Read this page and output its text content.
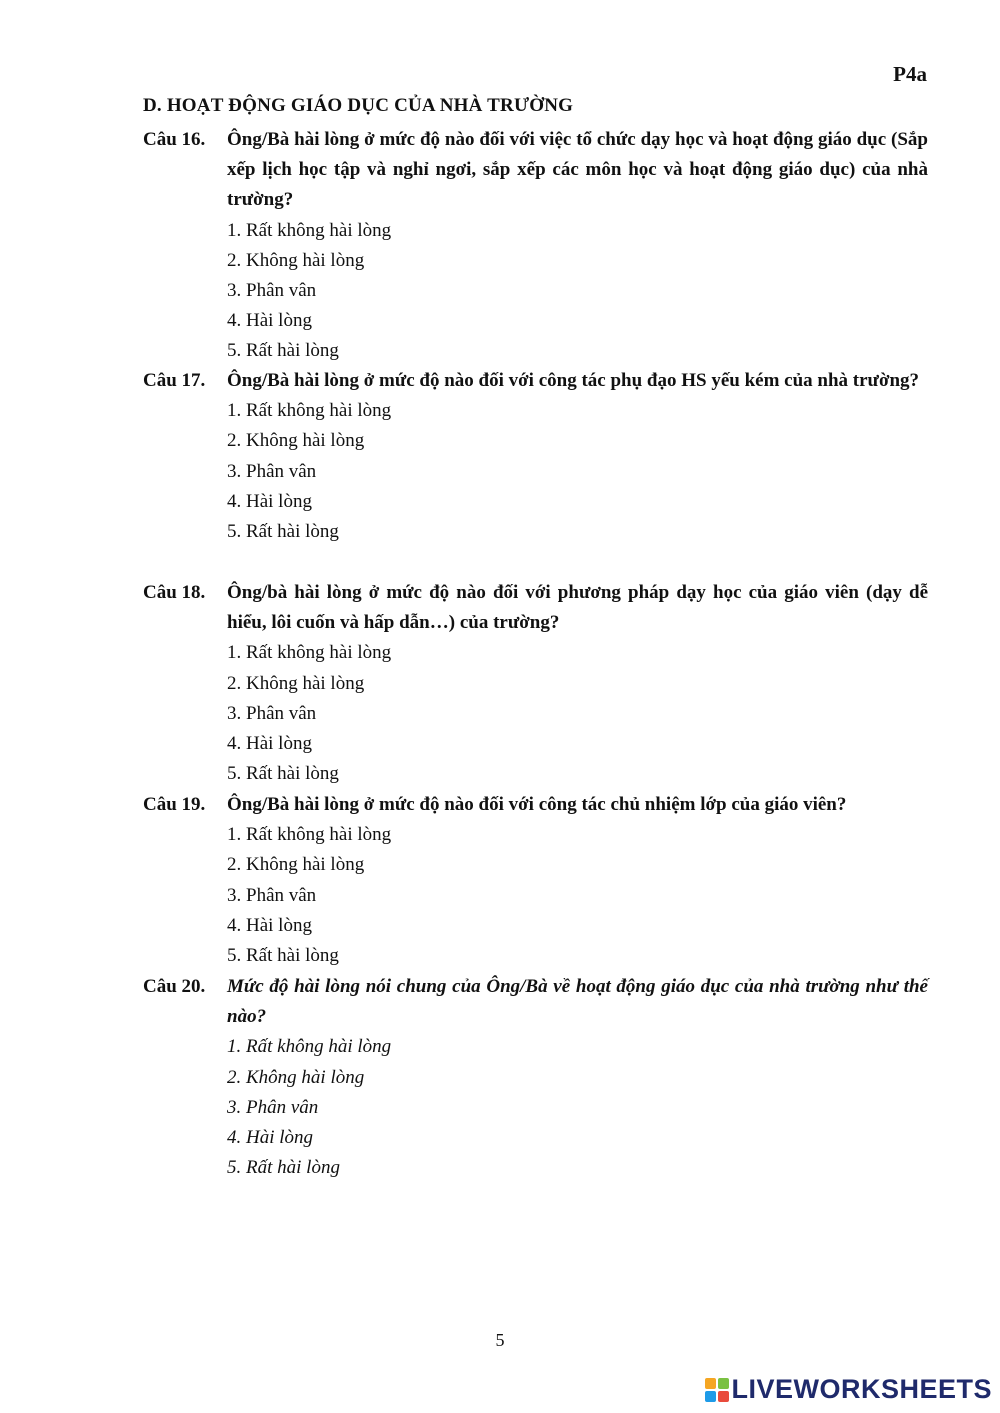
P4a
D. HOẠT ĐỘNG GIÁO DỤC CỦA NHÀ TRƯỜNG
Câu 16. Ông/Bà hài lòng ở mức độ nào đối với việc tổ chức dạy học và hoạt động giáo dục (Sắp xếp lịch học tập và nghỉ ngơi, sắp xếp các môn học và hoạt động giáo dục) của nhà trường?
1. Rất không hài lòng
2. Không hài lòng
3. Phân vân
4. Hài lòng
5. Rất hài lòng
Câu 17. Ông/Bà hài lòng ở mức độ nào đối với công tác phụ đạo HS yếu kém của nhà trường?
1. Rất không hài lòng
2. Không hài lòng
3. Phân vân
4. Hài lòng
5. Rất hài lòng
Câu 18. Ông/bà hài lòng ở mức độ nào đối với phương pháp dạy học của giáo viên (dạy dễ hiểu, lôi cuốn và hấp dẫn…) của trường?
1. Rất không hài lòng
2. Không hài lòng
3. Phân vân
4. Hài lòng
5. Rất hài lòng
Câu 19. Ông/Bà hài lòng ở mức độ nào đối với công tác chủ nhiệm lớp của giáo viên?
1. Rất không hài lòng
2. Không hài lòng
3. Phân vân
4. Hài lòng
5. Rất hài lòng
Câu 20. Mức độ hài lòng nói chung của Ông/Bà về hoạt động giáo dục của nhà trường như thế nào?
1. Rất không hài lòng
2. Không hài lòng
3. Phân vân
4. Hài lòng
5. Rất hài lòng
5
LIVEWORKSHEETS
